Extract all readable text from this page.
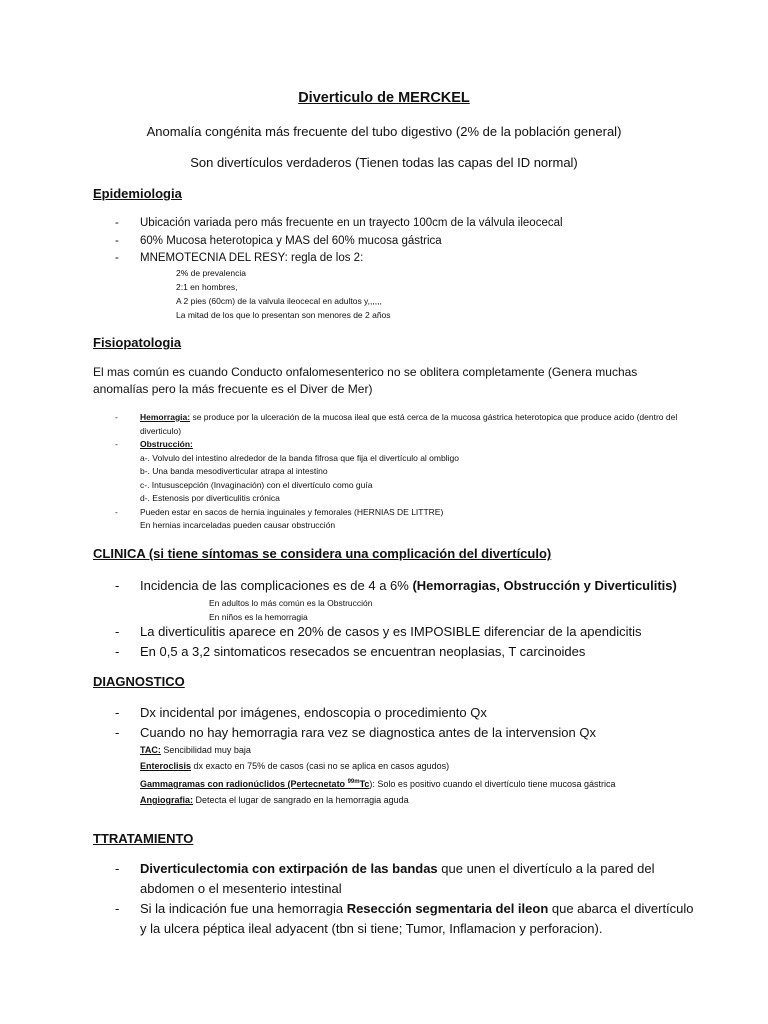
Diverticulo de MERCKEL
Anomalía congénita más frecuente del tubo digestivo (2% de la población general)
Son divertículos verdaderos (Tienen todas las capas del ID normal)
Epidemiologia
- Ubicación variada pero más frecuente en un trayecto 100cm de la válvula ileocecal
- 60% Mucosa heterotopica y MAS del 60% mucosa gástrica
- MNEMOTECNIA DEL RESY: regla de los 2:
2% de prevalencia
2:1 en hombres,
A 2 pies (60cm) de la valvula ileocecal en adultos y,,,,,,
La mitad de los que lo presentan son menores de 2 años
Fisiopatologia
El mas común es cuando Conducto onfalomesenterico no se oblitera completamente (Genera muchas anomalías pero la más frecuente es el Diver de Mer)
-	Hemorragia: se produce por la ulceración de la mucosa ileal que está cerca de la mucosa gástrica heterotopica que produce acido (dentro del diverticulo)
-	Obstrucción:
a-. Volvulo del intestino alrededor de la banda fifrosa que fija el divertículo al ombligo
b-. Una banda mesodiverticular atrapa al intestino
c-. Intususcepción (Invaginación) con el divertículo como guía
d-. Estenosis por diverticulitis crónica
-	Pueden estar en sacos de hernia inguinales y femorales (HERNIAS DE LITTRE)
En hernias incarceladas pueden causar obstrucción
CLINICA (si tiene síntomas se considera una complicación del divertículo)
- Incidencia de las complicaciones es de 4 a 6% (Hemorragias, Obstrucción y Diverticulitis)
En adultos lo más común es la Obstrucción
En niños es la hemorragia
- La diverticulitis aparece en 20% de casos y es IMPOSIBLE diferenciar de la apendicitis
- En 0,5 a 3,2 sintomaticos resecados se encuentran neoplasias, T carcinoides
DIAGNOSTICO
- Dx incidental por imágenes, endoscopia o procedimiento Qx
- Cuando no hay hemorragia rara vez se diagnostica antes de la intervension Qx
TAC: Sencibilidad muy baja
Enteroclisis dx exacto en 75% de casos (casi no se aplica en casos agudos)
Gammagramas con radionúclidos (Pertecnetato $^{99m}$Tc): Solo es positivo cuando el divertículo tiene mucosa gástrica
Angiografia: Detecta el lugar de sangrado en la hemorragia aguda
TTRATAMIENTO
- Diverticulectomia con extirpación de las bandas que unen el divertículo a la pared del abdomen o el mesenterio intestinal
- Si la indicación fue una hemorragia Resección segmentaria del ileon que abarca el divertículo y la ulcera péptica ileal adyacent (tbn si tiene; Tumor, Inflamacion y perforacion).
